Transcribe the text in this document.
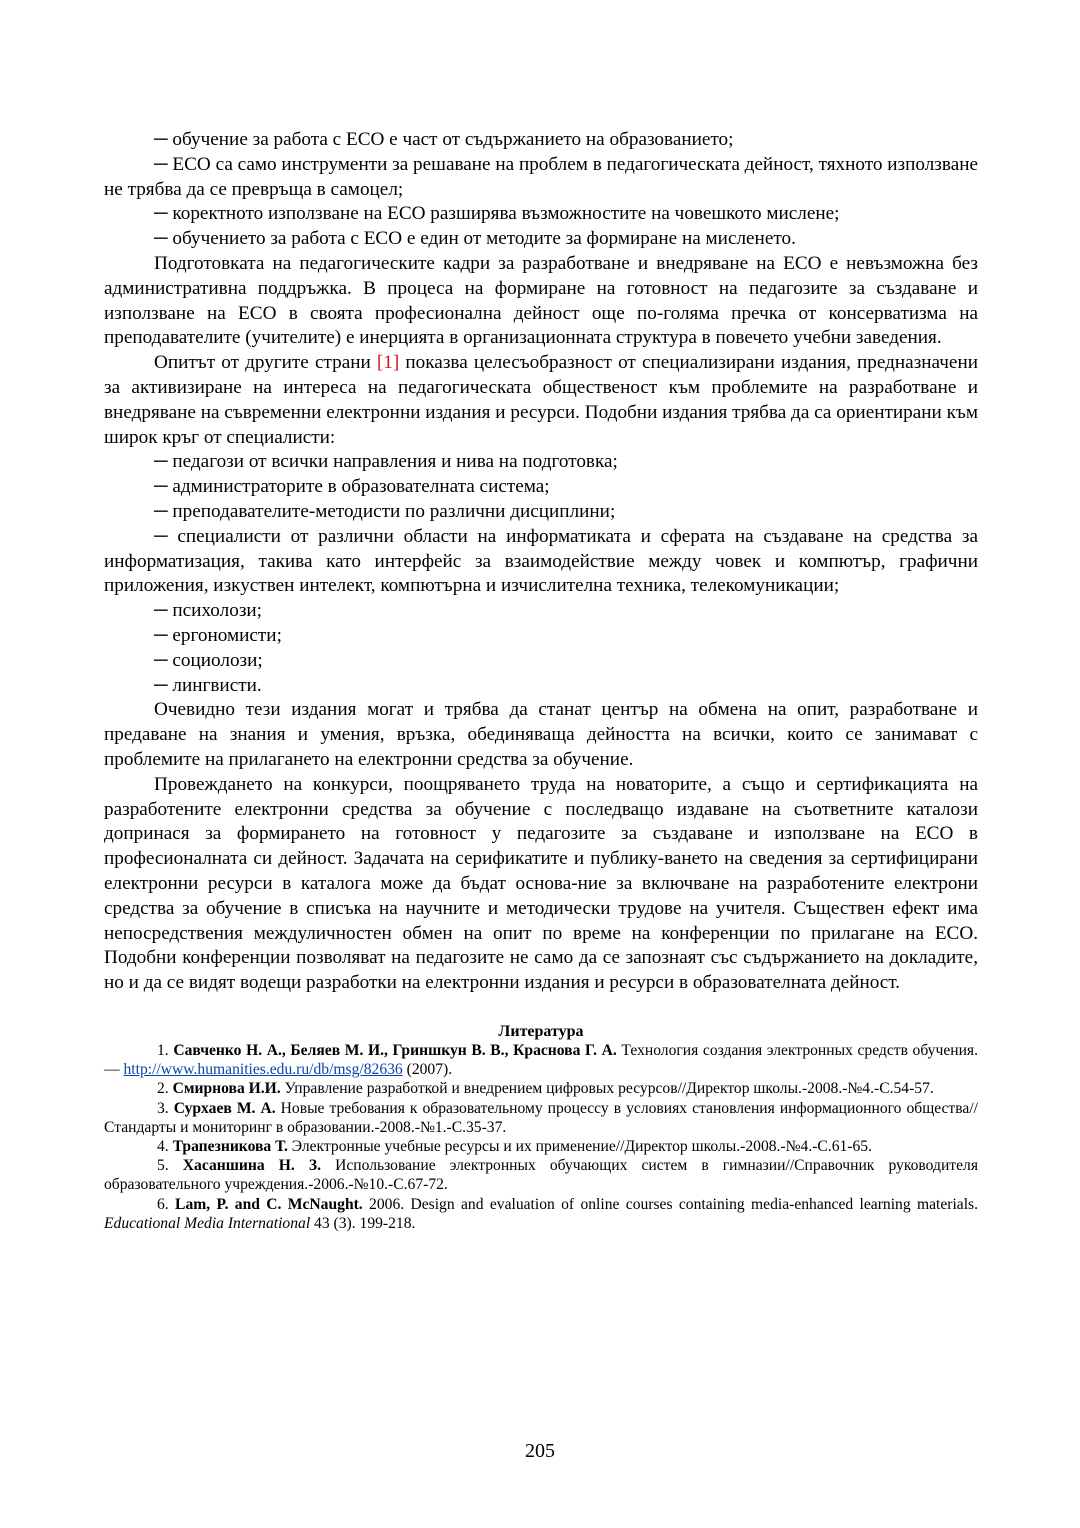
─ обучение за работа с ЕСО е част от съдържанието на образованието;

─ ЕСО са само инструменти за решаване на проблем в педагогическата дейност, тяхното използване не трябва да се превръща в самоцел;

─ коректното използване на ЕСО разширява възможностите на човешкото мислене;

─ обучението за работа с ЕСО е един от методите за формиране на мисленето.

Подготовката на педагогическите кадри за разработване и внедряване на ЕСО е невъзможна без административна поддръжка. В процеса на формиране на готовност на педагозите за създаване и използване на ЕСО в своята професионална дейност още по-голяма пречка от консерватизма на преподавателите (учителите) е инерцията в организационната структура в повечето учебни заведения.

Опитът от другите страни [1] показва целесъобразност от специализирани издания, предназначени за активизиране на интереса на педагогическата общественост към проблемите на разработване и внедряване на съвременни електронни издания и ресурси. Подобни издания трябва да са ориентирани към широк кръг от специалисти:

─ педагози от всички направления и нива на подготовка;

─ администраторите в образователната система;

─ преподавателите-методисти по различни дисциплини;

─ специалисти от различни области на информатиката и сферата на създаване на средства за информатизация, такива като интерфейс за взаимодействие между човек и компютър, графични приложения, изкуствен интелект, компютърна и изчислителна техника, телекомуникации;

─ психолози;

─ ергономисти;

─ социолози;

─ лингвисти.

Очевидно тези издания могат и трябва да станат център на обмена на опит, разработване и предаване на знания и умения, връзка, обединяваща дейността на всички, които се занимават с проблемите на прилагането на електронни средства за обучение.

Провеждането на конкурси, поощряването труда на новаторите, а също и сертификацията на разработените електронни средства за обучение с последващо издаване на съответните каталози допринася за формирането на готовност у педагозите за създаване и използване на ЕСО в професионалната си дейност. Задачата на серификатите и публику-ването на сведения за сертифицирани електронни ресурси в каталога може да бъдат основа-ние за включване на разработените електрони средства за обучение в списъка на научните и методически трудове на учителя. Съществен ефект има непосредствения междуличностен обмен на опит по време на конференции по прилагане на ЕСО. Подобни конференции позволяват на педагозите не само да се запознаят със съдържанието на докладите, но и да се видят водещи разработки на електронни издания и ресурси в образователната дейност.

Литература

1. Савченко Н. А., Беляев М. И., Гриншкун В. В., Краснова Г. А. Технология создания электронных средств обучения. — http://www.humanities.edu.ru/db/msg/82636 (2007).

2. Смирнова И.И. Управление разработкой и внедрением цифровых ресурсов//Директор школы.-2008.-№4.-С.54-57.

3. Сурхаев М. А. Новые требования к образовательному процессу в условиях становления информационного общества//Стандарты и мониторинг в образовании.-2008.-№1.-С.35-37.

4. Трапезникова Т. Электронные учебные ресурсы и их применение//Директор школы.-2008.-№4.-С.61-65.

5. Хасаншина Н. З. Использование электронных обучающих систем в гимназии//Справочник руководителя образовательного учреждения.-2006.-№10.-С.67-72.

6. Lam, P. and C. McNaught. 2006. Design and evaluation of online courses containing media-enhanced learning materials. Educational Media International 43 (3). 199-218.

205
